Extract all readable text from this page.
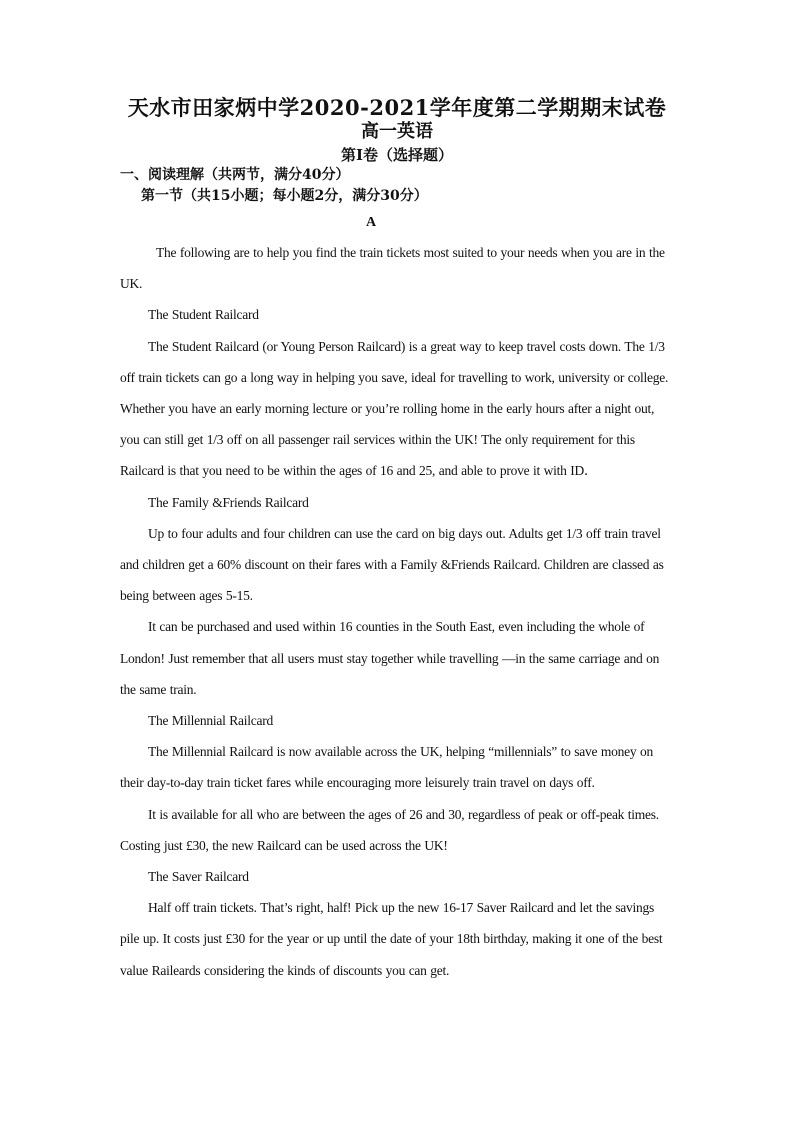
天水市田家炳中学2020-2021学年度第二学期期末试卷
高一英语
第I卷（选择题）
一、阅读理解（共两节，满分40分）
第一节（共15小题；每小题2分，满分30分）
A

The following are to help you find the train tickets most suited to your needs when you are in the UK.

The Student Railcard

The Student Railcard (or Young Person Railcard) is a great way to keep travel costs down. The 1/3 off train tickets can go a long way in helping you save, ideal for travelling to work, university or college. Whether you have an early morning lecture or you’re rolling home in the early hours after a night out, you can still get 1/3 off on all passenger rail services within the UK! The only requirement for this Railcard is that you need to be within the ages of 16 and 25, and able to prove it with ID．

The Family &Friends Railcard

Up to four adults and four children can use the card on big days out. Adults get 1/3 off train travel and children get a 60% discount on their fares with a Family &Friends Railcard. Children are classed as being between ages 5-15.

It can be purchased and used within 16 counties in the South East, even including the whole of London! Just remember that all users must stay together while travelling —in the same carriage and on the same train.

The Millennial Railcard

The Millennial Railcard is now available across the UK, helping “millennials” to save money on their day-to-day train ticket fares while encouraging more leisurely train travel on days off.

It is available for all who are between the ages of 26 and 30, regardless of peak or off-peak times. Costing just £30, the new Railcard can be used across the UK!

The Saver Railcard

Half off train tickets. That’s right, half! Pick up the new 16-17 Saver Railcard and let the savings pile up. It costs just £30 for the year or up until the date of your 18th birthday, making it one of the best value Raileards considering the kinds of discounts you can get.
